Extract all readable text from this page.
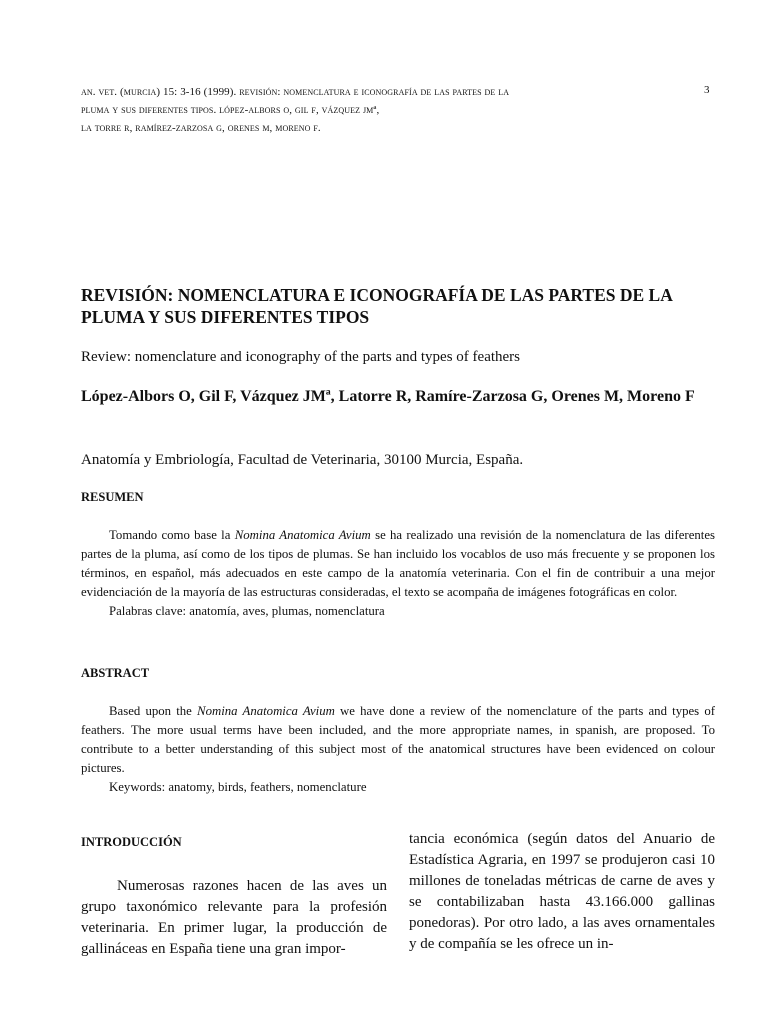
an. vet. (murcia) 15: 3-16 (1999). revisión: nomenclatura e iconografía de las partes de la
pluma y sus diferentes tipos. lópez-albors o, gil f, vázquez jmª,
la torre r, ramírez-zarzosa g, orenes m, moreno f.
3
REVISIÓN: NOMENCLATURA E ICONOGRAFÍA DE LAS PARTES DE LA PLUMA Y SUS DIFERENTES TIPOS
Review: nomenclature and iconography of the parts and types of feathers

López-Albors O, Gil F, Vázquez JMª, Latorre R, Ramíre-Zarzosa G, Orenes M, Moreno F

Anatomía y Embriología, Facultad de Veterinaria, 30100 Murcia, España.
RESUMEN

Tomando como base la Nomina Anatomica Avium se ha realizado una revisión de la nomenclatura de las diferentes partes de la pluma, así como de los tipos de plumas. Se han incluido los vocablos de uso más frecuente y se proponen los términos, en español, más adecuados en este campo de la anatomía veterinaria. Con el fin de contribuir a una mejor evidenciación de la mayoría de las estructuras consideradas, el texto se acompaña de imágenes fotográficas en color.

Palabras clave: anatomía, aves, plumas, nomenclatura
ABSTRACT

Based upon the Nomina Anatomica Avium we have done a review of the nomenclature of the parts and types of feathers. The more usual terms have been included, and the more appropriate names, in spanish, are proposed. To contribute to a better understanding of this subject most of the anatomical structures have been evidenced on colour pictures.

Keywords: anatomy, birds, feathers, nomenclature
INTRODUCCIÓN

Numerosas razones hacen de las aves un grupo taxonómico relevante para la profesión veterinaria. En primer lugar, la producción de gallináceas en España tiene una gran impor-

tancia económica (según datos del Anuario de Estadística Agraria, en 1997 se produjeron casi 10 millones de toneladas métricas de carne de aves y se contabilizaban hasta 43.166.000 gallinas ponedoras). Por otro lado, a las aves ornamentales y de compañía se les ofrece un in-
